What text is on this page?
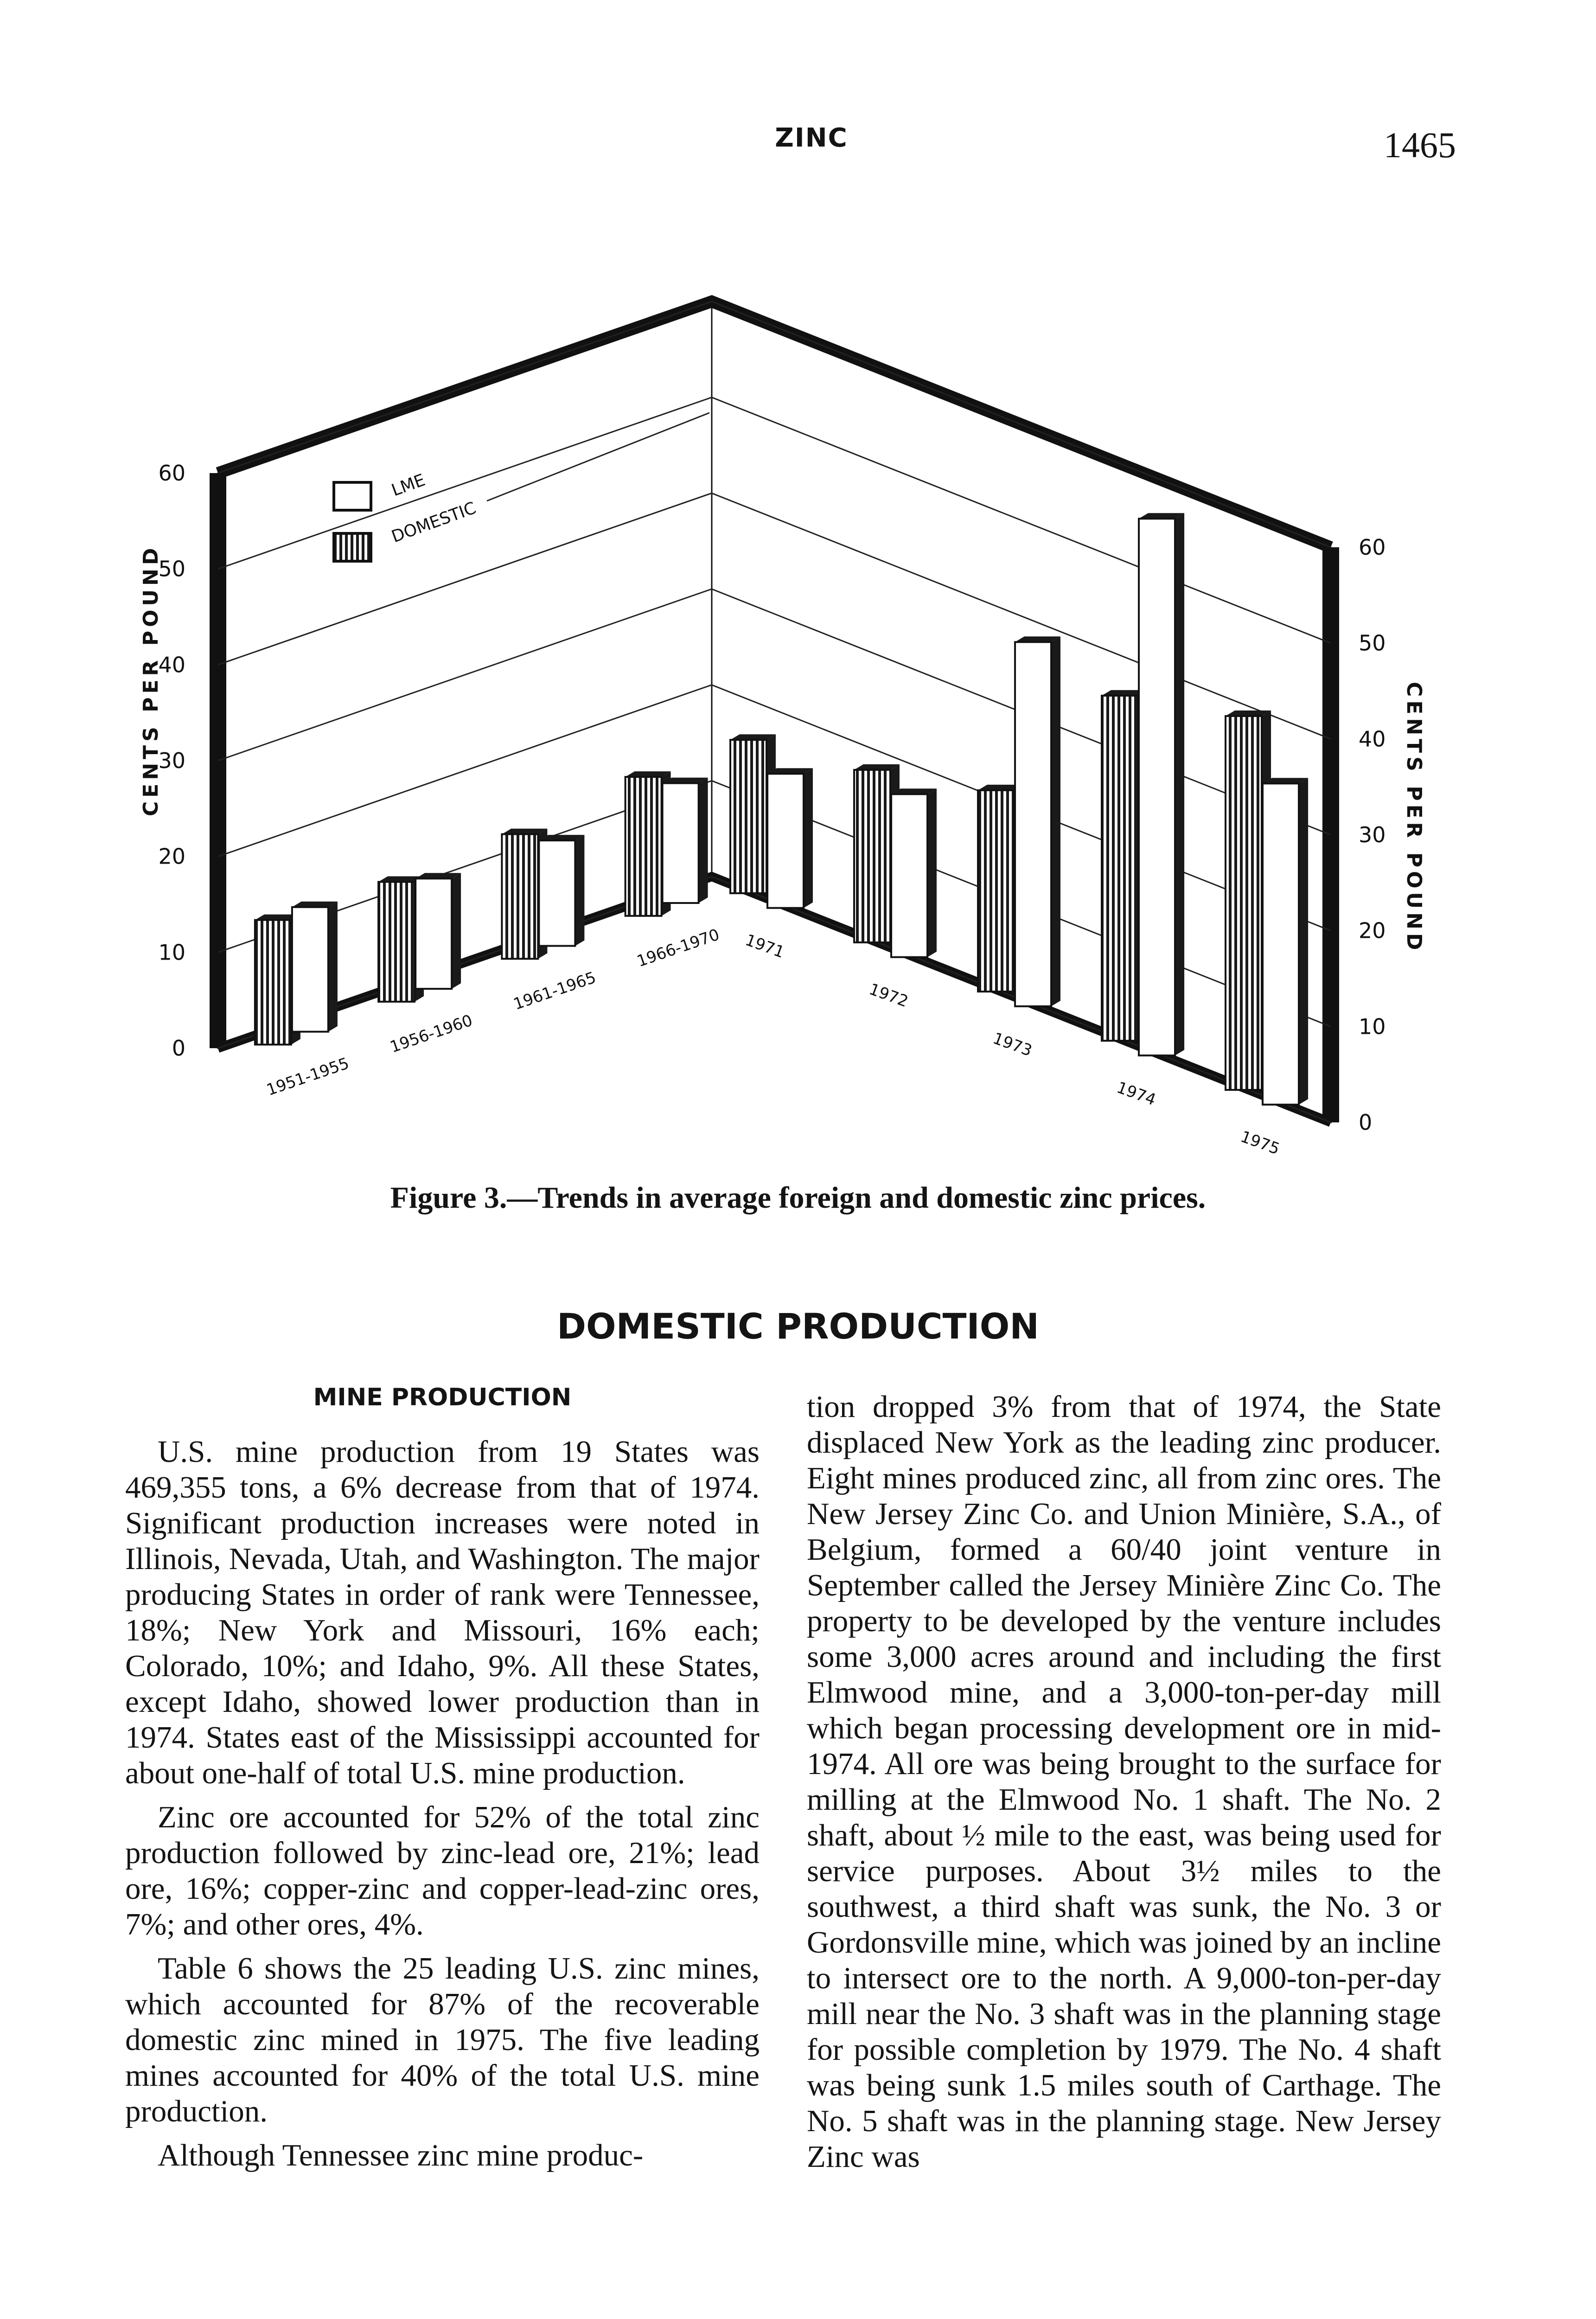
ZINC	1465
0
0
10
10
20
20
30
30
40
40
50
50
60
60
CENTS PER POUND
CENTS PER POUND
LME
DOMESTIC
1951-1955
1956-1960
1961-1965
1966-1970 1971
1972
1973
1974
1975
Figure 3.—Trends in average foreign and domestic zinc prices.
DOMESTIC PRODUCTION
MINE PRODUCTION

U.S. mine production from 19 States was 469,355 tons, a 6% decrease from that of 1974. Significant production increases were noted in Illinois, Nevada, Utah, and Washington. The major producing States in order of rank were Tennessee, 18%; New York and Missouri, 16% each; Colorado, 10%; and Idaho, 9%. All these States, except Idaho, showed lower production than in 1974. States east of the Mississippi accounted for about one-half of total U.S. mine production.

Zinc ore accounted for 52% of the total zinc production followed by zinc-lead ore, 21%; lead ore, 16%; copper-zinc and copper-lead-zinc ores, 7%; and other ores, 4%.

Table 6 shows the 25 leading U.S. zinc mines, which accounted for 87% of the recoverable domestic zinc mined in 1975. The five leading mines accounted for 40% of the total U.S. mine production.

Although Tennessee zinc mine produc-

tion dropped 3% from that of 1974, the State displaced New York as the leading zinc producer. Eight mines produced zinc, all from zinc ores. The New Jersey Zinc Co. and Union Minière, S.A., of Belgium, formed a 60/40 joint venture in September called the Jersey Minière Zinc Co. The property to be developed by the venture includes some 3,000 acres around and including the first Elmwood mine, and a 3,000-ton-per-day mill which began processing development ore in mid-1974. All ore was being brought to the surface for milling at the Elmwood No. 1 shaft. The No. 2 shaft, about ½ mile to the east, was being used for service purposes. About 3½ miles to the southwest, a third shaft was sunk, the No. 3 or Gordonsville mine, which was joined by an incline to intersect ore to the north. A 9,000-ton-per-day mill near the No. 3 shaft was in the planning stage for possible completion by 1979. The No. 4 shaft was being sunk 1.5 miles south of Carthage. The No. 5 shaft was in the planning stage. New Jersey Zinc was
